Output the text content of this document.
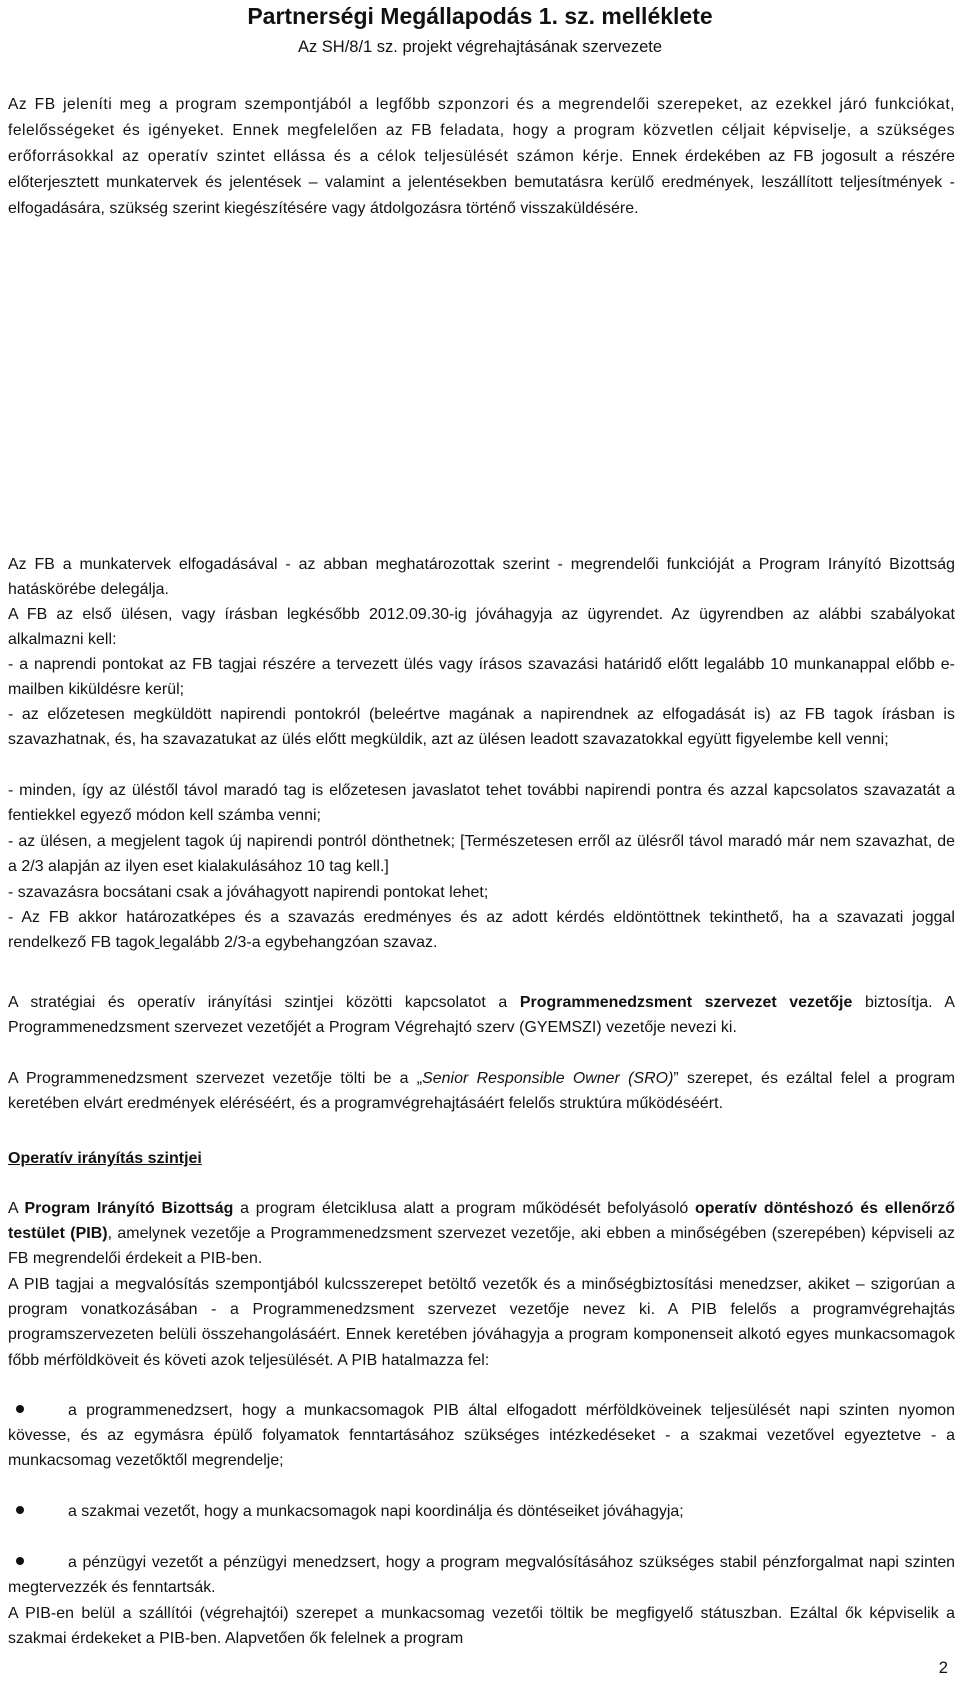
Partnerségi Megállapodás 1. sz. melléklete
Az SH/8/1 sz. projekt végrehajtásának szervezete

Az FB jeleníti meg a program szempontjából a legfőbb szponzori és a megrendelői szerepeket, az ezekkel járó funkciókat, felelősségeket és igényeket. Ennek megfelelően az FB feladata, hogy a program közvetlen céljait képviselje, a szükséges erőforrásokkal az operatív szintet ellássa és a célok teljesülését számon kérje. Ennek érdekében az FB jogosult a részére előterjesztett munkatervek és jelentések – valamint a jelentésekben bemutatásra kerülő eredmények, leszállított teljesítmények - elfogadására, szükség szerint kiegészítésére vagy átdolgozásra történő visszaküldésére.

Az FB a munkatervek elfogadásával - az abban meghatározottak szerint - megrendelői funkcióját a Program Irányító Bizottság hatáskörébe delegálja.

A FB az első ülésen, vagy írásban legkésőbb 2012.09.30-ig jóváhagyja az ügyrendet. Az ügyrendben az alábbi szabályokat alkalmazni kell:

- a naprendi pontokat az FB tagjai részére a tervezett ülés vagy írásos szavazási határidő előtt legalább 10 munkanappal előbb e-mailben kiküldésre kerül;

- az előzetesen megküldött napirendi pontokról (beleértve magának a napirendnek az elfogadását is) az FB tagok írásban is szavazhatnak, és, ha szavazatukat az ülés előtt megküldik, azt az ülésen leadott szavazatokkal együtt figyelembe kell venni;

- minden, így az üléstől távol maradó tag is előzetesen javaslatot tehet további napirendi pontra és azzal kapcsolatos szavazatát a fentiekkel egyező módon kell számba venni;

- az ülésen, a megjelent tagok új napirendi pontról dönthetnek; [Természetesen erről az ülésről távol maradó már nem szavazhat, de a 2/3 alapján az ilyen eset kialakulásához 10 tag kell.]

- szavazásra bocsátani csak a jóváhagyott napirendi pontokat lehet;

- Az FB akkor határozatképes és a szavazás eredményes és az adott kérdés eldöntöttnek tekinthető, ha a szavazati joggal rendelkező FB tagok legalább 2/3-a egybehangzóan szavaz.

A stratégiai és operatív irányítási szintjei közötti kapcsolatot a Programmenedzsment szervezet vezetője biztosítja. A Programmenedzsment szervezet vezetőjét a Program Végrehajtó szerv (GYEMSZI) vezetője nevezi ki.

A Programmenedzsment szervezet vezetője tölti be a „Senior Responsible Owner (SRO)” szerepet, és ezáltal felel a program keretében elvárt eredmények eléréséért, és a programvégrehajtásáért felelős struktúra működéséért.

Operatív irányítás szintjei

A Program Irányító Bizottság a program életciklusa alatt a program működését befolyásoló operatív döntéshozó és ellenőrző testület (PIB), amelynek vezetője a Programmenedzsment szervezet vezetője, aki ebben a minőségében (szerepében) képviseli az FB megrendelői érdekeit a PIB-ben.

A PIB tagjai a megvalósítás szempontjából kulcsszerepet betöltő vezetők és a minőségbiztosítási menedzser, akiket – szigorúan a program vonatkozásában - a Programmenedzsment szervezet vezetője nevez ki. A PIB felelős a programvégrehajtás programszervezeten belüli összehangolásáért. Ennek keretében jóváhagyja a program komponenseit alkotó egyes munkacsomagok főbb mérföldköveit és követi azok teljesülését. A PIB hatalmazza fel:

a programmenedzsert, hogy a munkacsomagok PIB által elfogadott mérföldköveinek teljesülését napi szinten nyomon kövesse, és az egymásra épülő folyamatok fenntartásához szükséges intézkedéseket - a szakmai vezetővel egyeztetve - a munkacsomag vezetőktől megrendelje;

a szakmai vezetőt, hogy a munkacsomagok napi koordinálja és döntéseiket jóváhagyja;

a pénzügyi vezetőt a pénzügyi menedzsert, hogy a program megvalósításához szükséges stabil pénzforgalmat napi szinten megtervezzék és fenntartsák.

A PIB-en belül a szállítói (végrehajtói) szerepet a munkacsomag vezetői töltik be megfigyelő státuszban. Ezáltal ők képviselik a szakmai érdekeket a PIB-ben. Alapvetően ők felelnek a program

2
